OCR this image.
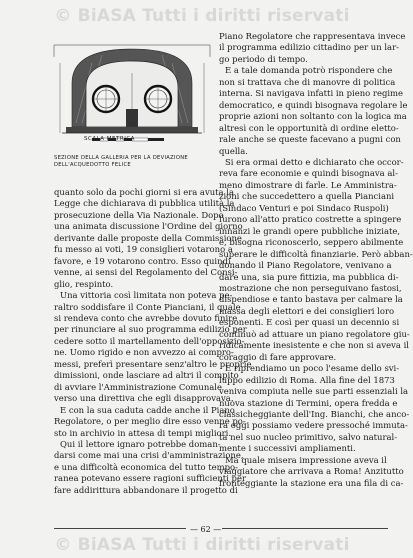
© BiASA Tutti i diritti riservati
SCALA METRICA
SEZIONE DELLA GALLERIA PER LA DEVIAZIONE
DELL'ACQUEDOTTO FELICE
quanto solo da pochi giorni si era avuta la
Legge che dichiarava di pubblica utilità la
prosecuzione della Via Nazionale. Dopo
una animata discussione l'Ordine del giorno
derivante dalle proposte della Commissione
fu messo ai voti, 19 consiglieri votarono a
favore, e 19 votarono contro. Esso quindi
venne, ai sensi del Regolamento del Consi-
glio, respinto.
Una vittoria così limitata non poteva pe-
raltro soddisfare il Conte Pianciani, il quale
si rendeva conto che avrebbe dovuto finire
per rinunciare al suo programma edilizio per
cedere sotto il martellamento dell'opposizio-
ne. Uomo rigido e non avvezzo ai compro-
messi, preferì presentare senz'altro le proprie
dimissioni, onde lasciare ad altri il compito
di avviare l'Amministrazione Comunale
verso una direttiva che egli disapprovava.
E con la sua caduta cadde anche il Piano
Regolatore, o per meglio dire esso venne po-
sto in archivio in attesa di tempi migliori.
Qui il lettore ignaro potrebbe doman-
darsi come mai una crisi d'amministrazione,
e una difficoltà economica del tutto tempo-
ranea potevano essere ragioni sufficienti per
fare addirittura abbandonare il progetto di
Piano Regolatore che rappresentava invece
il programma edilizio cittadino per un lar-
go periodo di tempo.
E a tale domanda potrò rispondere che
non si trattava che di manovre di politica
interna. Si navigava infatti in pieno regime
democratico, e quindi bisognava regolare le
proprie azioni non soltanto con la logica ma
altresì con le opportunità di ordine eletto-
rale anche se queste facevano a pugni con
quella.
Si era ormai detto e dichiarato che occor-
reva fare economie e quindi bisognava al-
meno dimostrare di farle. Le Amministra-
zioni che succedettero a quella Pianciani
(Sindaco Venturi e poi Sindaco Ruspoli)
furono all'atto pratico costrette a spingere
innanzi le grandi opere pubbliche iniziate,
e, bisogna riconoscerlo, seppero abilmente
superare le difficoltà finanziarie. Però abban-
donando il Piano Regolatore, venivano a
dare una, sia pure fittizia, ma pubblica di-
mostrazione che non perseguivano fastosi,
dispendiose e tanto bastava per calmare la
massa degli elettori e dei consiglieri loro
esponenti. E così per quasi un decennio si
continuò ad attuare un piano regolatore giu-
ridicamente inesistente e che non si aveva il
coraggio di fare approvare.
E riprendiamo un poco l'esame dello svi-
luppo edilizio di Roma. Alla fine del 1873
veniva compiuta nelle sue parti essenziali la
nuova stazione di Termini, opera fredda e
classicheggiante dell'Ing. Bianchi, che anco-
ra oggi possiamo vedere pressoché immuta-
ta nel suo nucleo primitivo, salvo natural-
mente i successivi ampliamenti.
Ma quale misera impressione aveva il
viaggiatore che arrivava a Roma! Anzitutto
fronteggiante la stazione era una fila di ca-
— 62 —
© BiASA Tutti i diritti riservati
